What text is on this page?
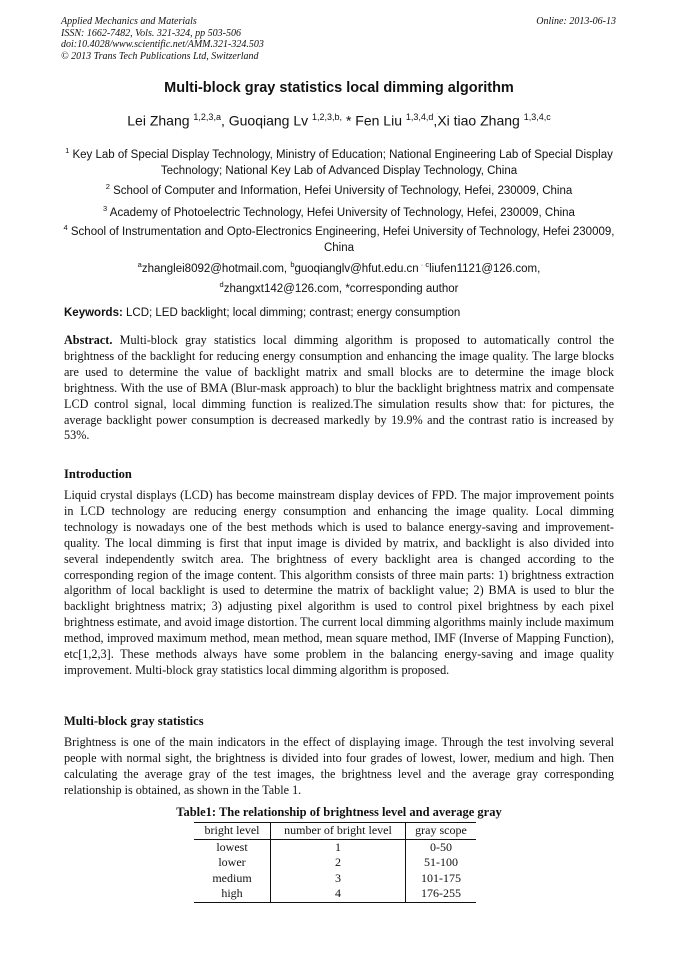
Applied Mechanics and Materials
ISSN: 1662-7482, Vols. 321-324, pp 503-506
doi:10.4028/www.scientific.net/AMM.321-324.503
© 2013 Trans Tech Publications Ltd, Switzerland
Online: 2013-06-13
Multi-block gray statistics local dimming algorithm
Lei Zhang $^{1,2,3,a}$, Guoqiang Lv $^{1,2,3,b,}$ * Fen Liu $^{1,3,4,d}$,Xi tiao Zhang $^{1,3,4,c}$
$^1$ Key Lab of Special Display Technology, Ministry of Education; National Engineering Lab of Special Display Technology; National Key Lab of Advanced Display Technology, China
$^2$ School of Computer and Information, Hefei University of Technology, Hefei, 230009, China
$^3$ Academy of Photoelectric Technology, Hefei University of Technology, Hefei, 230009, China
$^4$ School of Instrumentation and Opto-Electronics Engineering, Hefei University of Technology, Hefei 230009, China
$^a$zhanglei8092@hotmail.com, $^b$guoqianglv@hfut.edu.cn $^{\cdot c}$liufen1121@126.com,
$^d$zhangxt142@126.com, *corresponding author
Keywords: LCD; LED backlight; local dimming; contrast; energy consumption
Abstract. Multi-block gray statistics local dimming algorithm is proposed to automatically control the brightness of the backlight for reducing energy consumption and enhancing the image quality. The large blocks are used to determine the value of backlight matrix and small blocks are to determine the image block brightness. With the use of BMA (Blur-mask approach) to blur the backlight brightness matrix and compensate LCD control signal, local dimming function is realized.The simulation results show that: for pictures, the average backlight power consumption is decreased markedly by 19.9% and the contrast ratio is increased by 53%.
Introduction
Liquid crystal displays (LCD) has become mainstream display devices of FPD. The major improvement points in LCD technology are reducing energy consumption and enhancing the image quality. Local dimming technology is nowadays one of the best methods which is used to balance energy-saving and improvement-quality. The local dimming is first that input image is divided by matrix, and backlight is also divided into several independently switch area. The brightness of every backlight area is changed according to the corresponding region of the image content. This algorithm consists of three main parts: 1) brightness extraction algorithm of local backlight is used to determine the matrix of backlight value; 2) BMA is used to blur the backlight brightness matrix; 3) adjusting pixel algorithm is used to control pixel brightness by each pixel brightness estimate, and avoid image distortion. The current local dimming algorithms mainly include maximum method, improved maximum method, mean method, mean square method, IMF (Inverse of Mapping Function), etc[1,2,3]. These methods always have some problem in the balancing energy-saving and image quality improvement. Multi-block gray statistics local dimming algorithm is proposed.
Multi-block gray statistics
Brightness is one of the main indicators in the effect of displaying image. Through the test involving several people with normal sight, the brightness is divided into four grades of lowest, lower, medium and high. Then calculating the average gray of the test images, the brightness level and the average gray corresponding relationship is obtained, as shown in the Table 1.
Table1: The relationship of brightness level and average gray
bright level	number of bright level	gray scope
lowest	1	0-50
lower	2	51-100
medium	3	101-175
high	4	176-255
